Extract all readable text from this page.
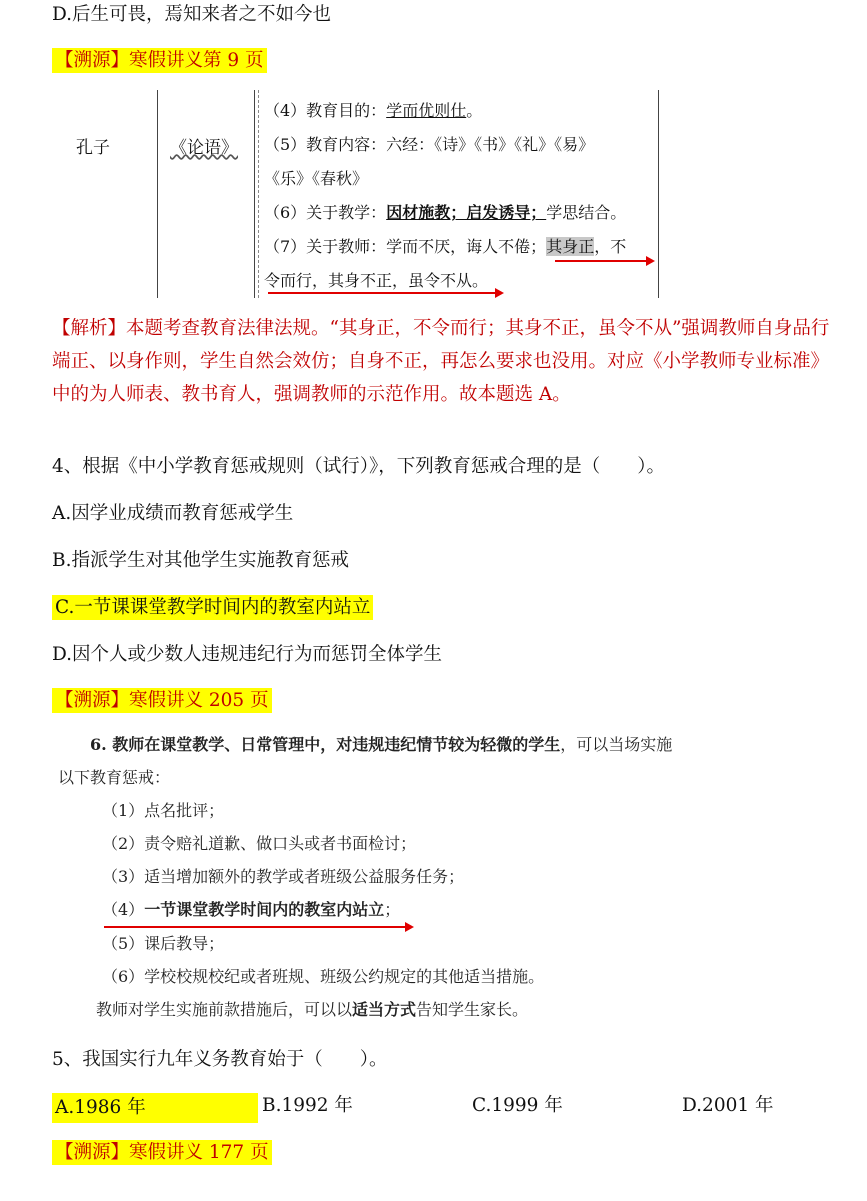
D.后生可畏，焉知来者之不如今也
【溯源】寒假讲义第 9 页
孔子	《论语》
（4）教育目的：学而优则仕。
（5）教育内容：六经：《诗》《书》《礼》《易》
《乐》《春秋》
（6）关于教学：因材施教；启发诱导；学思结合。
（7）关于教师：学而不厌，诲人不倦；其身正，不
令而行，其身不正，虽令不从。
【解析】本题考查教育法律法规。“其身正，不令而行；其身不正，虽令不从”强调教师自身品行端正、以身作则，学生自然会效仿；自身不正，再怎么要求也没用。对应《小学教师专业标准》中的为人师表、教书育人，强调教师的示范作用。故本题选 A。
4、根据《中小学教育惩戒规则（试行）》，下列教育惩戒合理的是（　　）。
A.因学业成绩而教育惩戒学生
B.指派学生对其他学生实施教育惩戒
C.一节课课堂教学时间内的教室内站立
D.因个人或少数人违规违纪行为而惩罚全体学生
【溯源】寒假讲义 205 页
6. 教师在课堂教学、日常管理中，对违规违纪情节较为轻微的学生，可以当场实施
以下教育惩戒：
（1）点名批评；
（2）责令赔礼道歉、做口头或者书面检讨；
（3）适当增加额外的教学或者班级公益服务任务；
（4）一节课堂教学时间内的教室内站立；
（5）课后教导；
（6）学校校规校纪或者班规、班级公约规定的其他适当措施。
教师对学生实施前款措施后，可以以适当方式告知学生家长。
5、我国实行九年义务教育始于（　　）。
A.1986 年	B.1992 年	C.1999 年	D.2001 年
【溯源】寒假讲义 177 页
